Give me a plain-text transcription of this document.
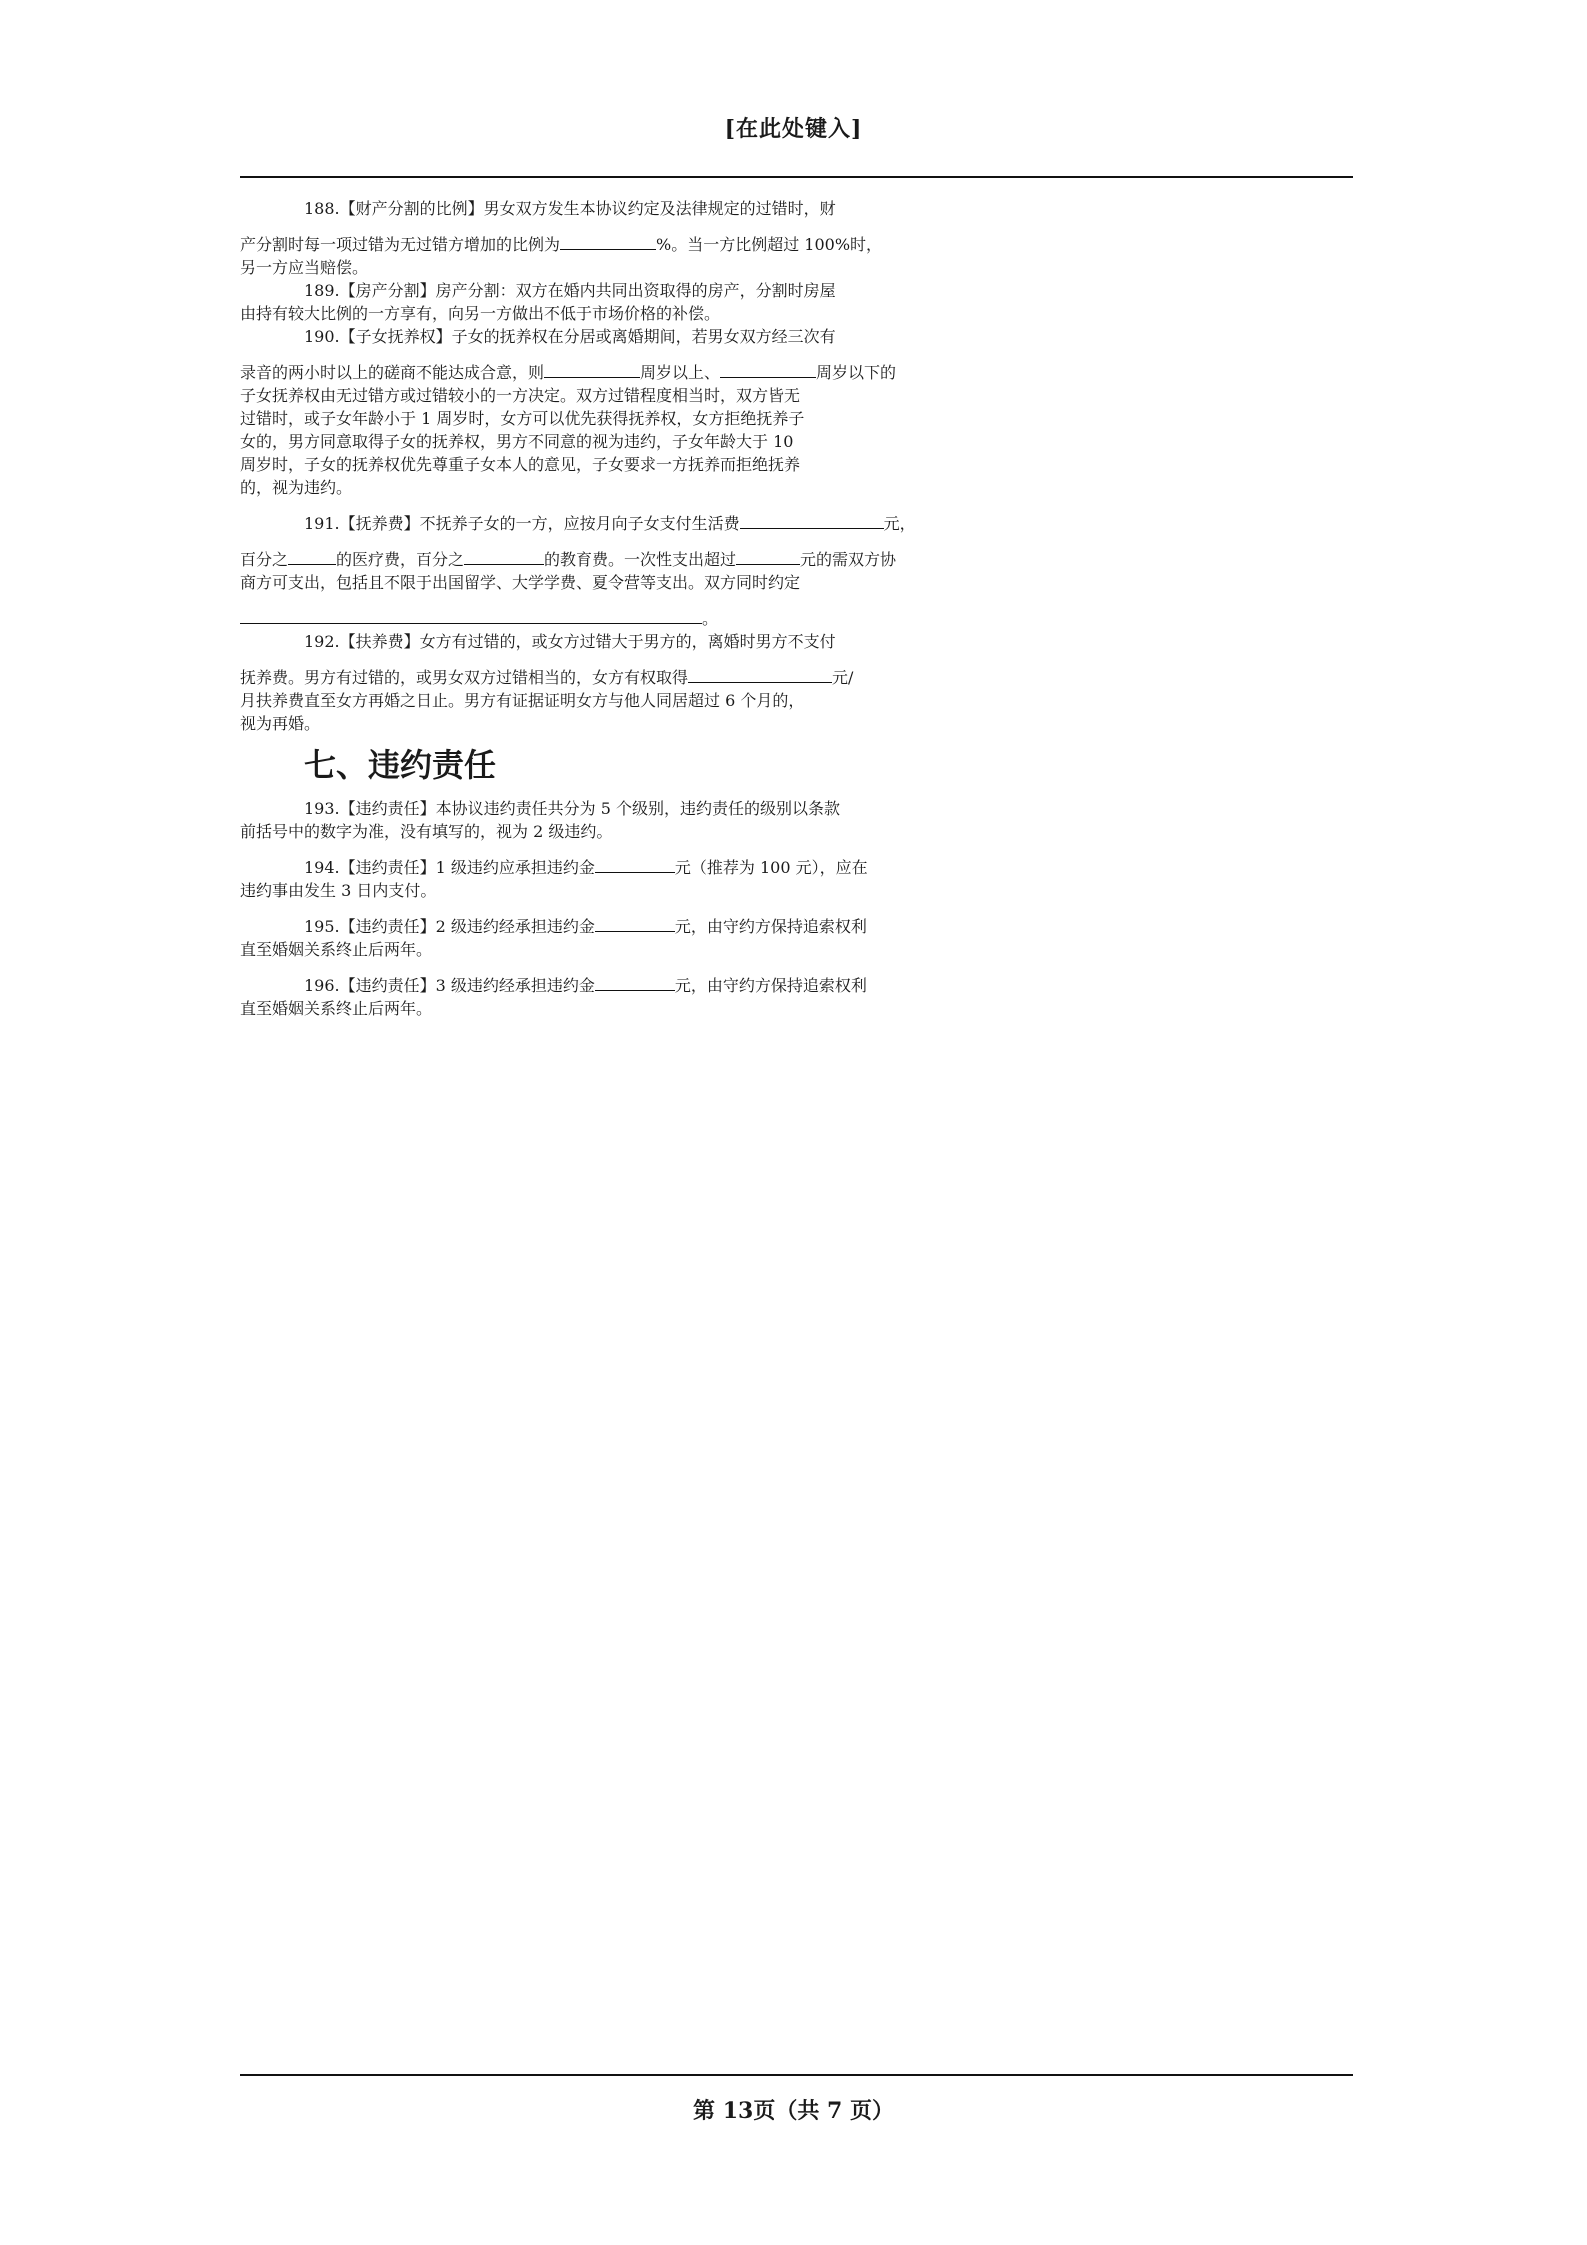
[在此处键入]
188.【财产分割的比例】男女双方发生本协议约定及法律规定的过错时，财
产分割时每一项过错为无过错方增加的比例为	%。当一方比例超过 100%时，
另一方应当赔偿。
189.【房产分割】房产分割：双方在婚内共同出资取得的房产，分割时房屋
由持有较大比例的一方享有，向另一方做出不低于市场价格的补偿。
190.【子女抚养权】子女的抚养权在分居或离婚期间，若男女双方经三次有
录音的两小时以上的磋商不能达成合意，则	周岁以上、	周岁以下的
子女抚养权由无过错方或过错较小的一方决定。双方过错程度相当时，双方皆无
过错时，或子女年龄小于 1 周岁时，女方可以优先获得抚养权，女方拒绝抚养子
女的，男方同意取得子女的抚养权，男方不同意的视为违约，子女年龄大于 10
周岁时，子女的抚养权优先尊重子女本人的意见，子女要求一方抚养而拒绝抚养
的，视为违约。
191.【抚养费】不抚养子女的一方，应按月向子女支付生活费	元，
百分之	的医疗费，百分之	的教育费。一次性支出超过	元的需双方协
商方可支出，包括且不限于出国留学、大学学费、夏令营等支出。双方同时约定
。
192.【扶养费】女方有过错的，或女方过错大于男方的，离婚时男方不支付
抚养费。男方有过错的，或男女双方过错相当的，女方有权取得	元/
月扶养费直至女方再婚之日止。男方有证据证明女方与他人同居超过 6 个月的，
视为再婚。
七、违约责任
193.【违约责任】本协议违约责任共分为 5 个级别，违约责任的级别以条款
前括号中的数字为准，没有填写的，视为 2 级违约。
194.【违约责任】1 级违约应承担违约金	元（推荐为 100 元），应在
违约事由发生 3 日内支付。
195.【违约责任】2 级违约经承担违约金	元，由守约方保持追索权利
直至婚姻关系终止后两年。
196.【违约责任】3 级违约经承担违约金	元，由守约方保持追索权利
直至婚姻关系终止后两年。
第 13页（共 7 页）
